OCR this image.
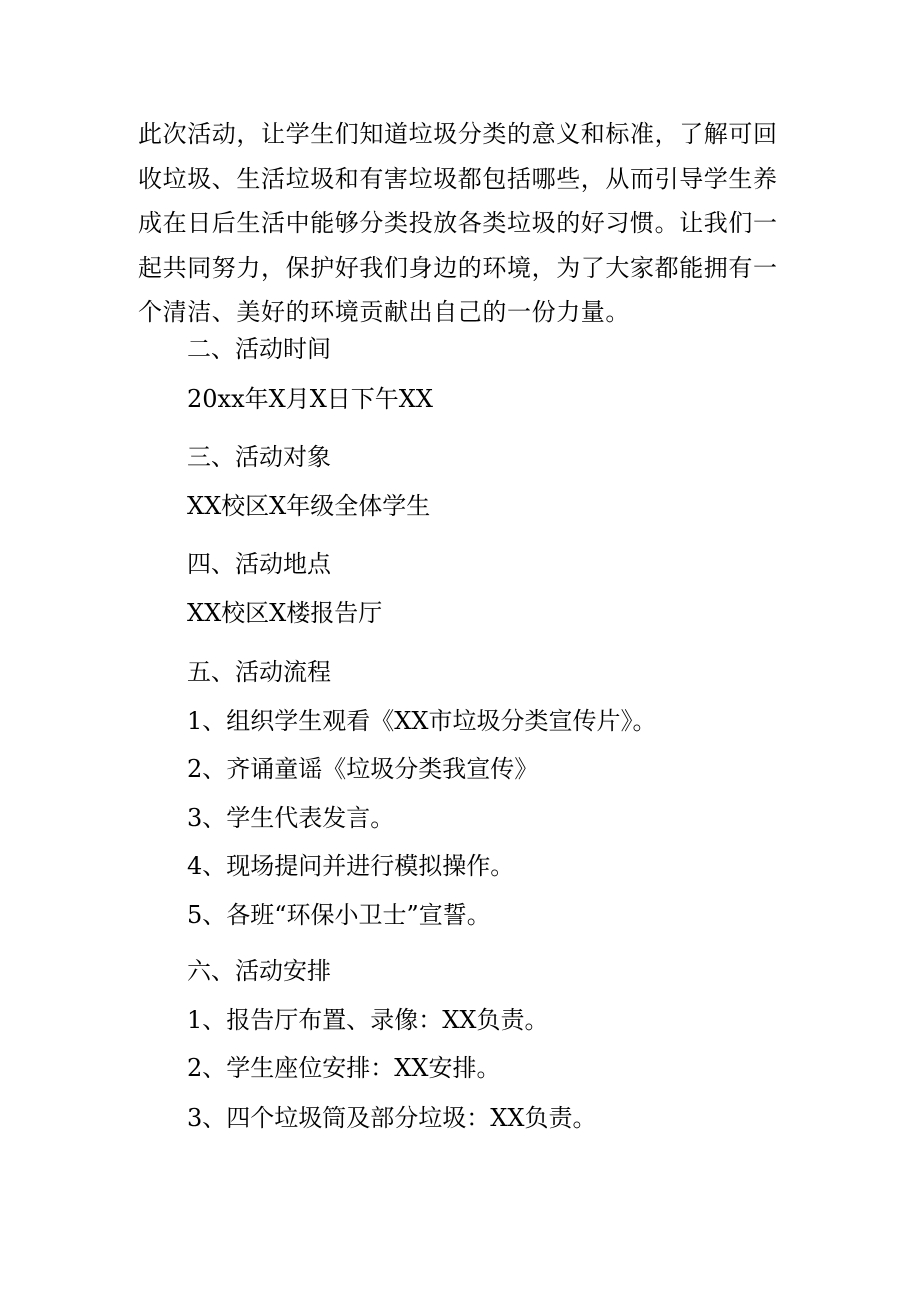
此次活动，让学生们知道垃圾分类的意义和标准，了解可回收垃圾、生活垃圾和有害垃圾都包括哪些，从而引导学生养成在日后生活中能够分类投放各类垃圾的好习惯。让我们一起共同努力，保护好我们身边的环境，为了大家都能拥有一个清洁、美好的环境贡献出自己的一份力量。

二、活动时间

20xx年X月X日下午XX

三、活动对象

XX校区X年级全体学生

四、活动地点

XX校区X楼报告厅

五、活动流程

1、组织学生观看《XX市垃圾分类宣传片》。

2、齐诵童谣《垃圾分类我宣传》

3、学生代表发言。

4、现场提问并进行模拟操作。

5、各班“环保小卫士”宣誓。

六、活动安排

1、报告厅布置、录像：XX负责。

2、学生座位安排：XX安排。

3、四个垃圾筒及部分垃圾：XX负责。
